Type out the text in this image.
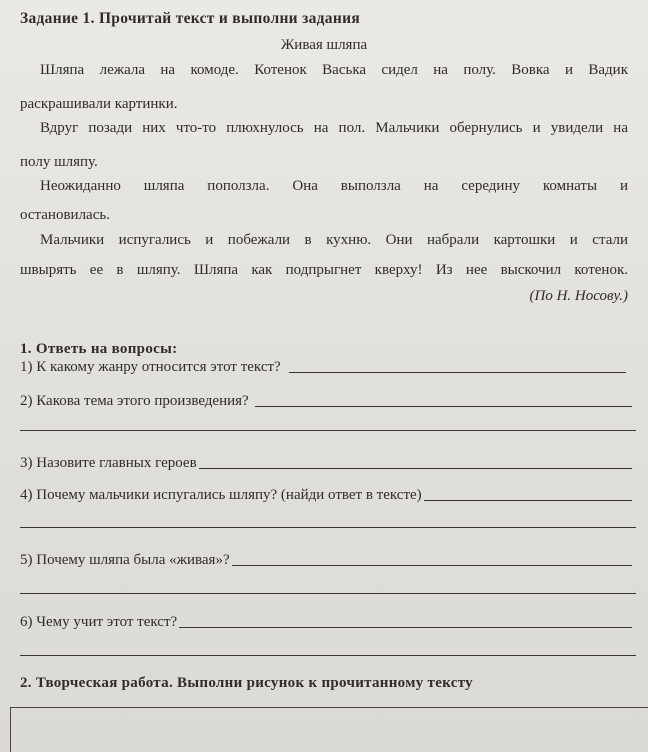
Задание 1. Прочитай текст и выполни задания
Живая шляпа
Шляпа лежала на комоде. Котенок Васька сидел на полу. Вовка и Вадик
раскрашивали картинки.
Вдруг позади них что-то плюхнулось на пол. Мальчики обернулись и увидели на
полу шляпу.
Неожиданно шляпа поползла. Она выползла на середину комнаты и
остановилась.
Мальчики испугались и побежали в кухню. Они набрали картошки и стали
швырять ее в шляпу. Шляпа как подпрыгнет кверху! Из нее выскочил котенок.
(По Н. Носову.)
1. Ответь на вопросы:
1) К какому жанру относится этот текст?
2) Какова тема этого произведения?
3) Назовите главных героев
4) Почему мальчики испугались шляпу? (найди ответ в тексте)
5) Почему шляпа была «живая»?
6) Чему учит этот текст?
2. Творческая работа. Выполни рисунок к прочитанному тексту
